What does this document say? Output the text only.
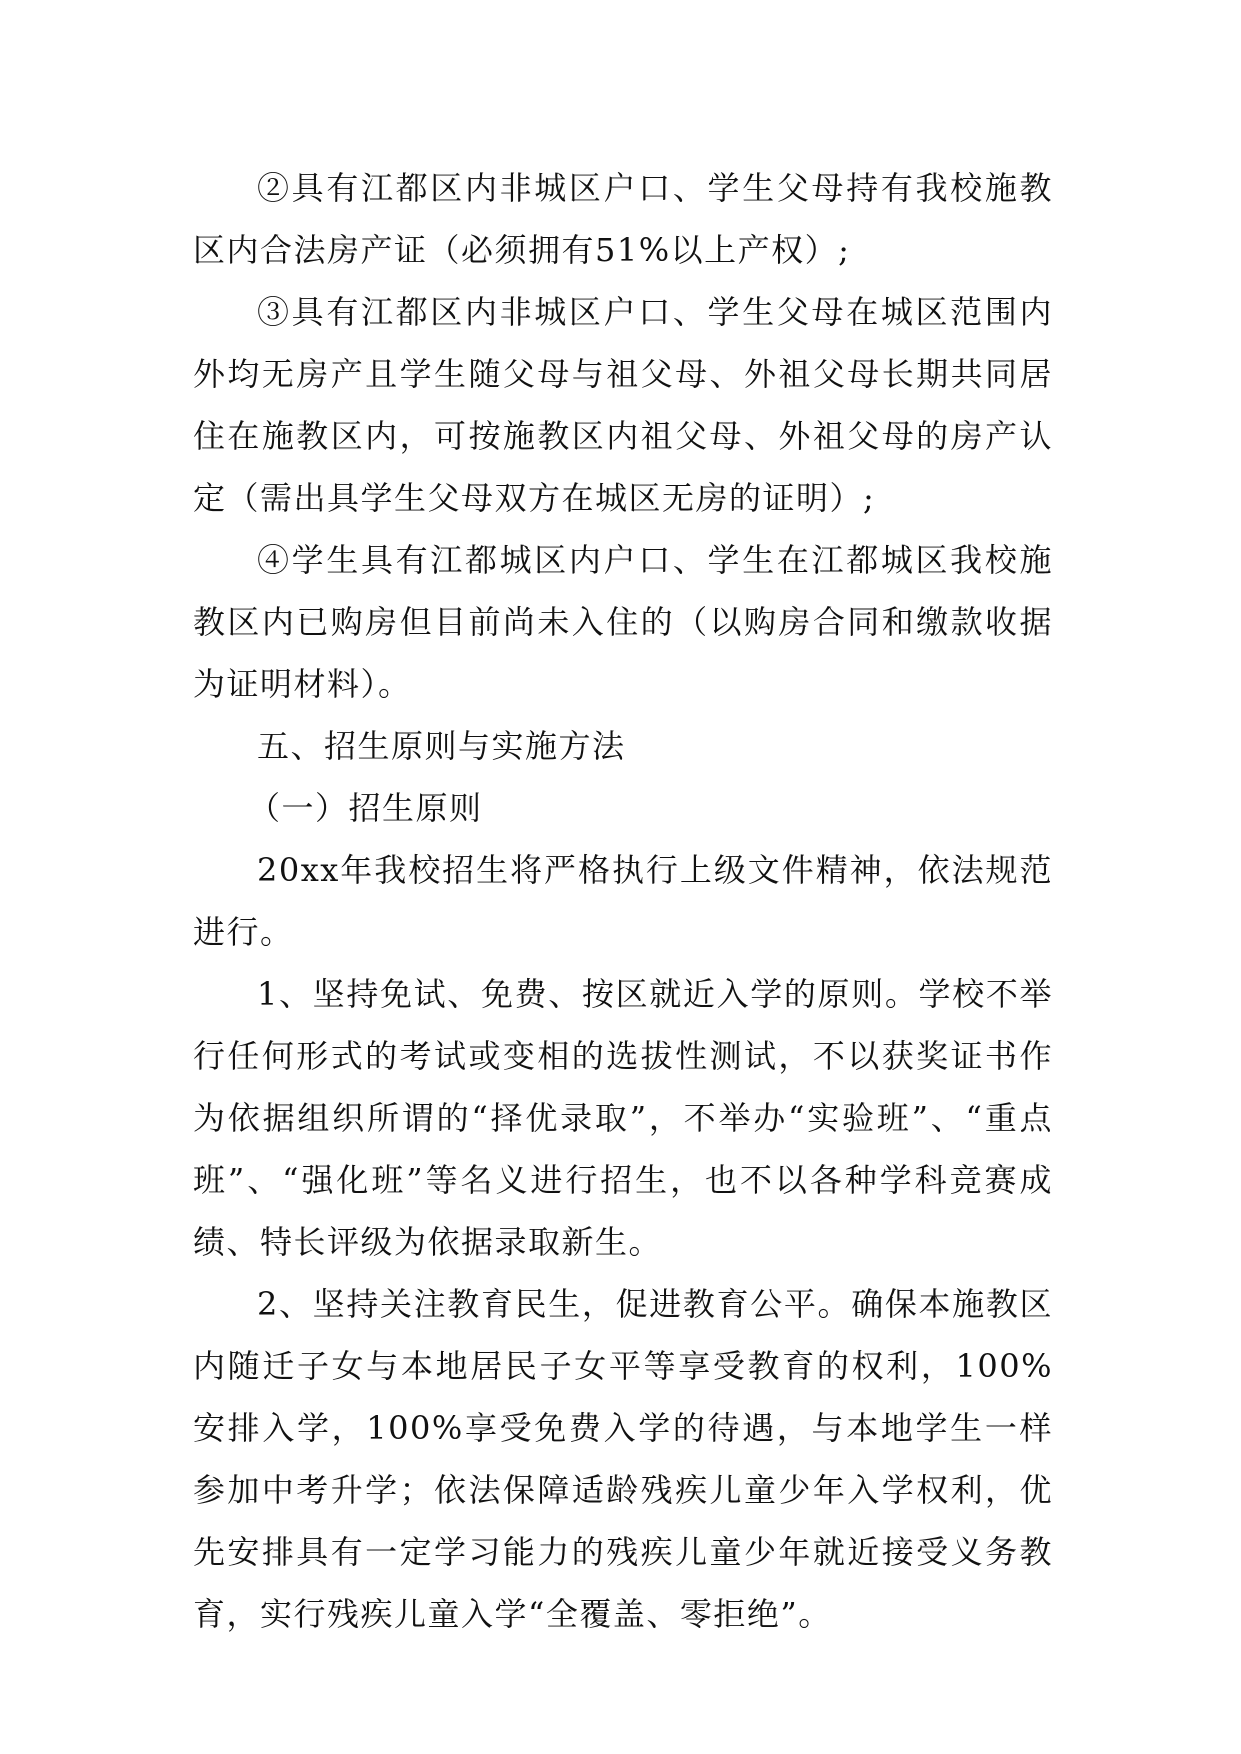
②具有江都区内非城区户口、学生父母持有我校施教区内合法房产证（必须拥有51%以上产权）;

③具有江都区内非城区户口、学生父母在城区范围内外均无房产且学生随父母与祖父母、外祖父母长期共同居住在施教区内，可按施教区内祖父母、外祖父母的房产认定（需出具学生父母双方在城区无房的证明）;

④学生具有江都城区内户口、学生在江都城区我校施教区内已购房但目前尚未入住的（以购房合同和缴款收据为证明材料）。

五、招生原则与实施方法

（一）招生原则

20xx年我校招生将严格执行上级文件精神，依法规范进行。

1、坚持免试、免费、按区就近入学的原则。学校不举行任何形式的考试或变相的选拔性测试，不以获奖证书作为依据组织所谓的“择优录取”，不举办“实验班”、“重点班”、“强化班”等名义进行招生，也不以各种学科竞赛成绩、特长评级为依据录取新生。

2、坚持关注教育民生，促进教育公平。确保本施教区内随迁子女与本地居民子女平等享受教育的权利，100%安排入学，100%享受免费入学的待遇，与本地学生一样参加中考升学；依法保障适龄残疾儿童少年入学权利，优先安排具有一定学习能力的残疾儿童少年就近接受义务教育，实行残疾儿童入学“全覆盖、零拒绝”。
